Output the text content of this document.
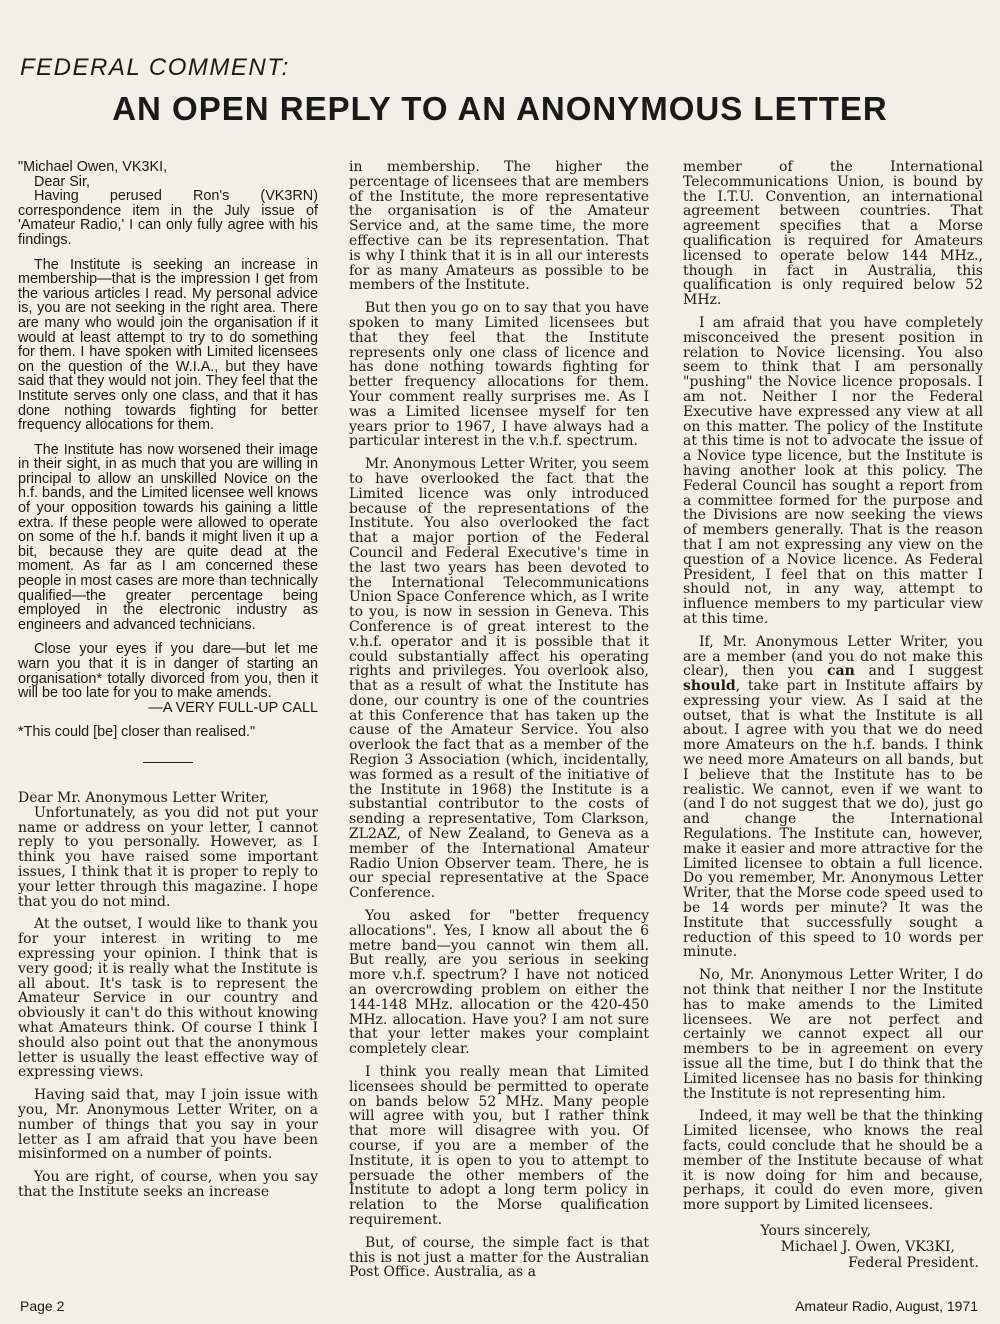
FEDERAL COMMENT:
AN OPEN REPLY TO AN ANONYMOUS LETTER

"Michael Owen, VK3KI,

Dear Sir,

Having perused Ron's (VK3RN) correspondence item in the July issue of 'Amateur Radio,' I can only fully agree with his findings.

The Institute is seeking an increase in membership—that is the impression I get from the various articles I read. My personal advice is, you are not seeking in the right area. There are many who would join the organisation if it would at least attempt to try to do something for them. I have spoken with Limited licensees on the question of the W.I.A., but they have said that they would not join. They feel that the Institute serves only one class, and that it has done nothing towards fighting for better frequency allocations for them.

The Institute has now worsened their image in their sight, in as much that you are willing in principal to allow an unskilled Novice on the h.f. bands, and the Limited licensee well knows of your opposition towards his gaining a little extra. If these people were allowed to operate on some of the h.f. bands it might liven it up a bit, because they are quite dead at the moment. As far as I am concerned these people in most cases are more than technically qualified—the greater percentage being employed in the electronic industry as engineers and advanced technicians.

Close your eyes if you dare—but let me warn you that it is in danger of starting an organisation* totally divorced from you, then it will be too late for you to make amends.

—A VERY FULL-UP CALL

*This could [be] closer than realised."

Dear Mr. Anonymous Letter Writer,

Unfortunately, as you did not put your name or address on your letter, I cannot reply to you personally. However, as I think you have raised some important issues, I think that it is proper to reply to your letter through this magazine. I hope that you do not mind.

At the outset, I would like to thank you for your interest in writing to me expressing your opinion. I think that is very good; it is really what the Institute is all about. It's task is to represent the Amateur Service in our country and obviously it can't do this without knowing what Amateurs think. Of course I think I should also point out that the anonymous letter is usually the least effective way of expressing views.

Having said that, may I join issue with you, Mr. Anonymous Letter Writer, on a number of things that you say in your letter as I am afraid that you have been misinformed on a number of points.

You are right, of course, when you say that the Institute seeks an increase

in membership. The higher the percentage of licensees that are members of the Institute, the more representative the organisation is of the Amateur Service and, at the same time, the more effective can be its representation. That is why I think that it is in all our interests for as many Amateurs as possible to be members of the Institute.

But then you go on to say that you have spoken to many Limited licensees but that they feel that the Institute represents only one class of licence and has done nothing towards fighting for better frequency allocations for them. Your comment really surprises me. As I was a Limited licensee myself for ten years prior to 1967, I have always had a particular interest in the v.h.f. spectrum.

Mr. Anonymous Letter Writer, you seem to have overlooked the fact that the Limited licence was only introduced because of the representations of the Institute. You also overlooked the fact that a major portion of the Federal Council and Federal Executive's time in the last two years has been devoted to the International Telecommunications Union Space Conference which, as I write to you, is now in session in Geneva. This Conference is of great interest to the v.h.f. operator and it is possible that it could substantially affect his operating rights and privileges. You overlook also, that as a result of what the Institute has done, our country is one of the countries at this Conference that has taken up the cause of the Amateur Service. You also overlook the fact that as a member of the Region 3 Association (which, incidentally, was formed as a result of the initiative of the Institute in 1968) the Institute is a substantial contributor to the costs of sending a representative, Tom Clarkson, ZL2AZ, of New Zealand, to Geneva as a member of the International Amateur Radio Union Observer team. There, he is our special representative at the Space Conference.

You asked for "better frequency allocations". Yes, I know all about the 6 metre band—you cannot win them all. But really, are you serious in seeking more v.h.f. spectrum? I have not noticed an overcrowding problem on either the 144-148 MHz. allocation or the 420-450 MHz. allocation. Have you? I am not sure that your letter makes your complaint completely clear.

I think you really mean that Limited licensees should be permitted to operate on bands below 52 MHz. Many people will agree with you, but I rather think that more will disagree with you. Of course, if you are a member of the Institute, it is open to you to attempt to persuade the other members of the Institute to adopt a long term policy in relation to the Morse qualification requirement.

But, of course, the simple fact is that this is not just a matter for the Australian Post Office. Australia, as a

member of the International Telecommunications Union, is bound by the I.T.U. Convention, an international agreement between countries. That agreement specifies that a Morse qualification is required for Amateurs licensed to operate below 144 MHz., though in fact in Australia, this qualification is only required below 52 MHz.

I am afraid that you have completely misconceived the present position in relation to Novice licensing. You also seem to think that I am personally "pushing" the Novice licence proposals. I am not. Neither I nor the Federal Executive have expressed any view at all on this matter. The policy of the Institute at this time is not to advocate the issue of a Novice type licence, but the Institute is having another look at this policy. The Federal Council has sought a report from a committee formed for the purpose and the Divisions are now seeking the views of members generally. That is the reason that I am not expressing any view on the question of a Novice licence. As Federal President, I feel that on this matter I should not, in any way, attempt to influence members to my particular view at this time.

If, Mr. Anonymous Letter Writer, you are a member (and you do not make this clear), then you can and I suggest should, take part in Institute affairs by expressing your view. As I said at the outset, that is what the Institute is all about. I agree with you that we do need more Amateurs on the h.f. bands. I think we need more Amateurs on all bands, but I believe that the Institute has to be realistic. We cannot, even if we want to (and I do not suggest that we do), just go and change the International Regulations. The Institute can, however, make it easier and more attractive for the Limited licensee to obtain a full licence. Do you remember, Mr. Anonymous Letter Writer, that the Morse code speed used to be 14 words per minute? It was the Institute that successfully sought a reduction of this speed to 10 words per minute.

No, Mr. Anonymous Letter Writer, I do not think that neither I nor the Institute has to make amends to the Limited licensees. We are not perfect and certainly we cannot expect all our members to be in agreement on every issue all the time, but I do think that the Limited licensee has no basis for thinking the Institute is not representing him.

Indeed, it may well be that the thinking Limited licensee, who knows the real facts, could conclude that he should be a member of the Institute because of what it is now doing for him and because, perhaps, it could do even more, given more support by Limited licensees.

Yours sincerely,
Michael J. Owen, VK3KI,
Federal President.
Page 2	Amateur Radio, August, 1971
